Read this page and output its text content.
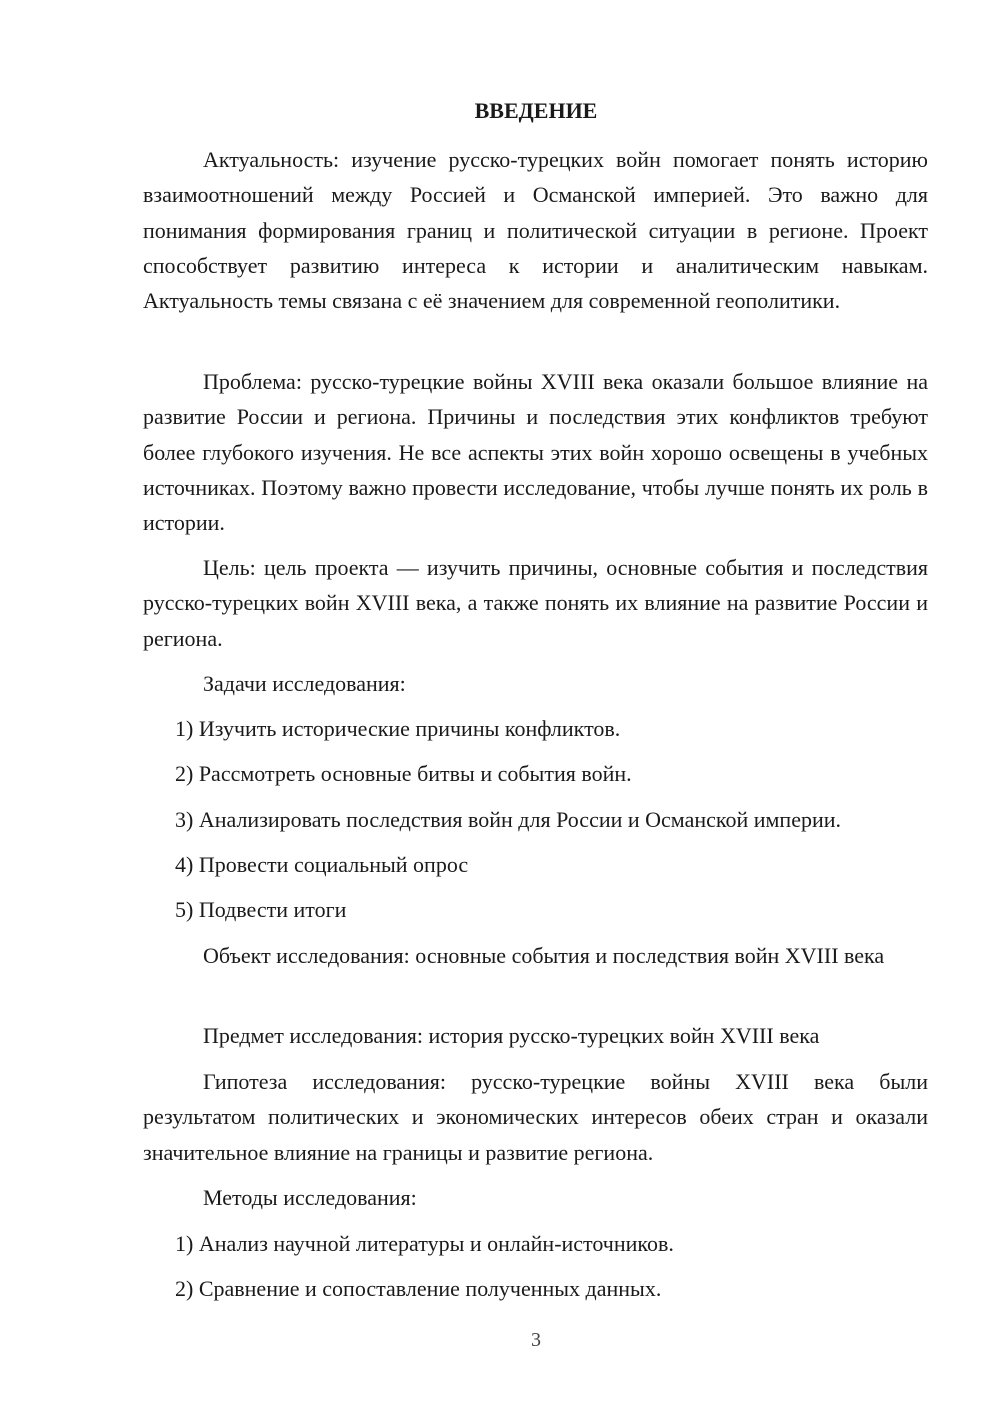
ВВЕДЕНИЕ

Актуальность: изучение русско-турецких войн помогает понять историю взаимоотношений между Россией и Османской империей. Это важно для понимания формирования границ и политической ситуации в регионе. Проект способствует развитию интереса к истории и аналитическим навыкам. Актуальность темы связана с её значением для современной геополитики.

Проблема: русско-турецкие войны XVIII века оказали большое влияние на развитие России и региона. Причины и последствия этих конфликтов требуют более глубокого изучения. Не все аспекты этих войн хорошо освещены в учебных источниках. Поэтому важно провести исследование, чтобы лучше понять их роль в истории.

Цель: цель проекта — изучить причины, основные события и последствия русско-турецких войн XVIII века, а также понять их влияние на развитие России и региона.

Задачи исследования:
1) Изучить исторические причины конфликтов.
2) Рассмотреть основные битвы и события войн.
3) Анализировать последствия войн для России и Османской империи.
4) Провести социальный опрос
5) Подвести итоги

Объект исследования: основные события и последствия войн XVIII века

Предмет исследования: история русско-турецких войн XVIII века

Гипотеза исследования: русско-турецкие войны XVIII века были результатом политических и экономических интересов обеих стран и оказали значительное влияние на границы и развитие региона.

Методы исследования:
1) Анализ научной литературы и онлайн-источников.
2) Сравнение и сопоставление полученных данных.
3
